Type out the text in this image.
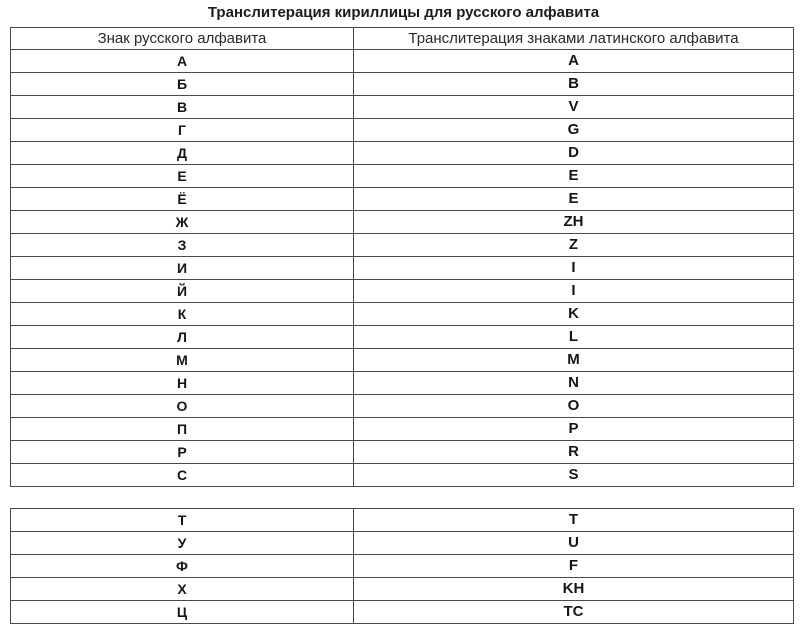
Транслитерация кириллицы для русского алфавита
Знак русского алфавита	Транслитерация знаками латинского алфавита
А	A
Б	B
В	V
Г	G
Д	D
Е	E
Ё	E
Ж	ZH
З	Z
И	I
Й	I
К	K
Л	L
М	M
Н	N
О	O
П	P
Р	R
С	S
Т	T
У	U
Ф	F
Х	KH
Ц	TC
